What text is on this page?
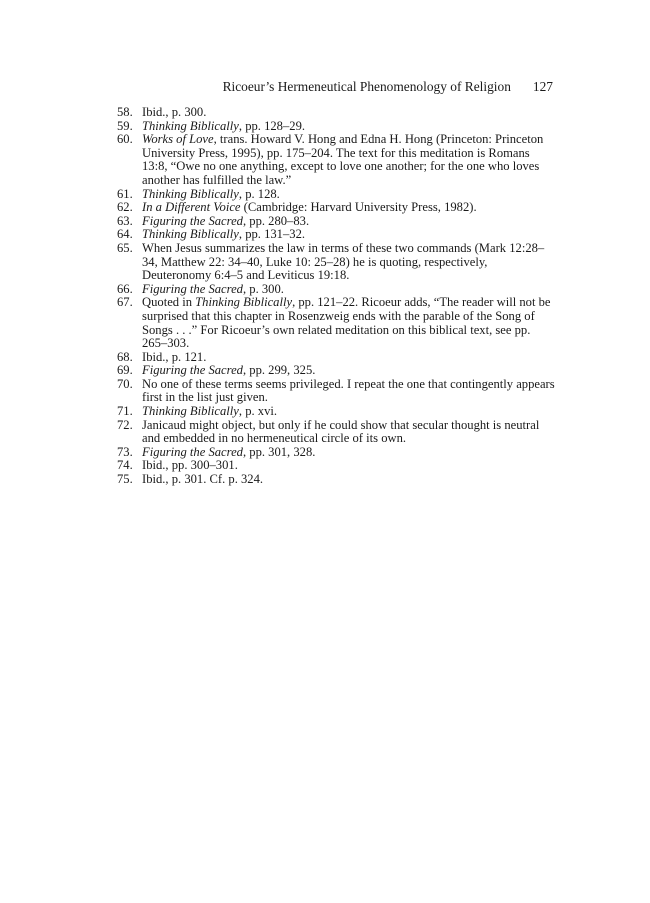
Ricoeur’s Hermeneutical Phenomenology of Religion 127
58. Ibid., p. 300.
59. Thinking Biblically, pp. 128–29.
60. Works of Love, trans. Howard V. Hong and Edna H. Hong (Princeton: Princeton University Press, 1995), pp. 175–204. The text for this meditation is Romans 13:8, “Owe no one anything, except to love one another; for the one who loves another has fulfilled the law.”
61. Thinking Biblically, p. 128.
62. In a Different Voice (Cambridge: Harvard University Press, 1982).
63. Figuring the Sacred, pp. 280–83.
64. Thinking Biblically, pp. 131–32.
65. When Jesus summarizes the law in terms of these two commands (Mark 12:28–34, Matthew 22: 34–40, Luke 10: 25–28) he is quoting, respectively, Deuteronomy 6:4–5 and Leviticus 19:18.
66. Figuring the Sacred, p. 300.
67. Quoted in Thinking Biblically, pp. 121–22. Ricoeur adds, “The reader will not be surprised that this chapter in Rosenzweig ends with the parable of the Song of Songs . . .” For Ricoeur’s own related meditation on this biblical text, see pp. 265–303.
68. Ibid., p. 121.
69. Figuring the Sacred, pp. 299, 325.
70. No one of these terms seems privileged. I repeat the one that contingently appears first in the list just given.
71. Thinking Biblically, p. xvi.
72. Janicaud might object, but only if he could show that secular thought is neutral and embedded in no hermeneutical circle of its own.
73. Figuring the Sacred, pp. 301, 328.
74. Ibid., pp. 300–301.
75. Ibid., p. 301. Cf. p. 324.
